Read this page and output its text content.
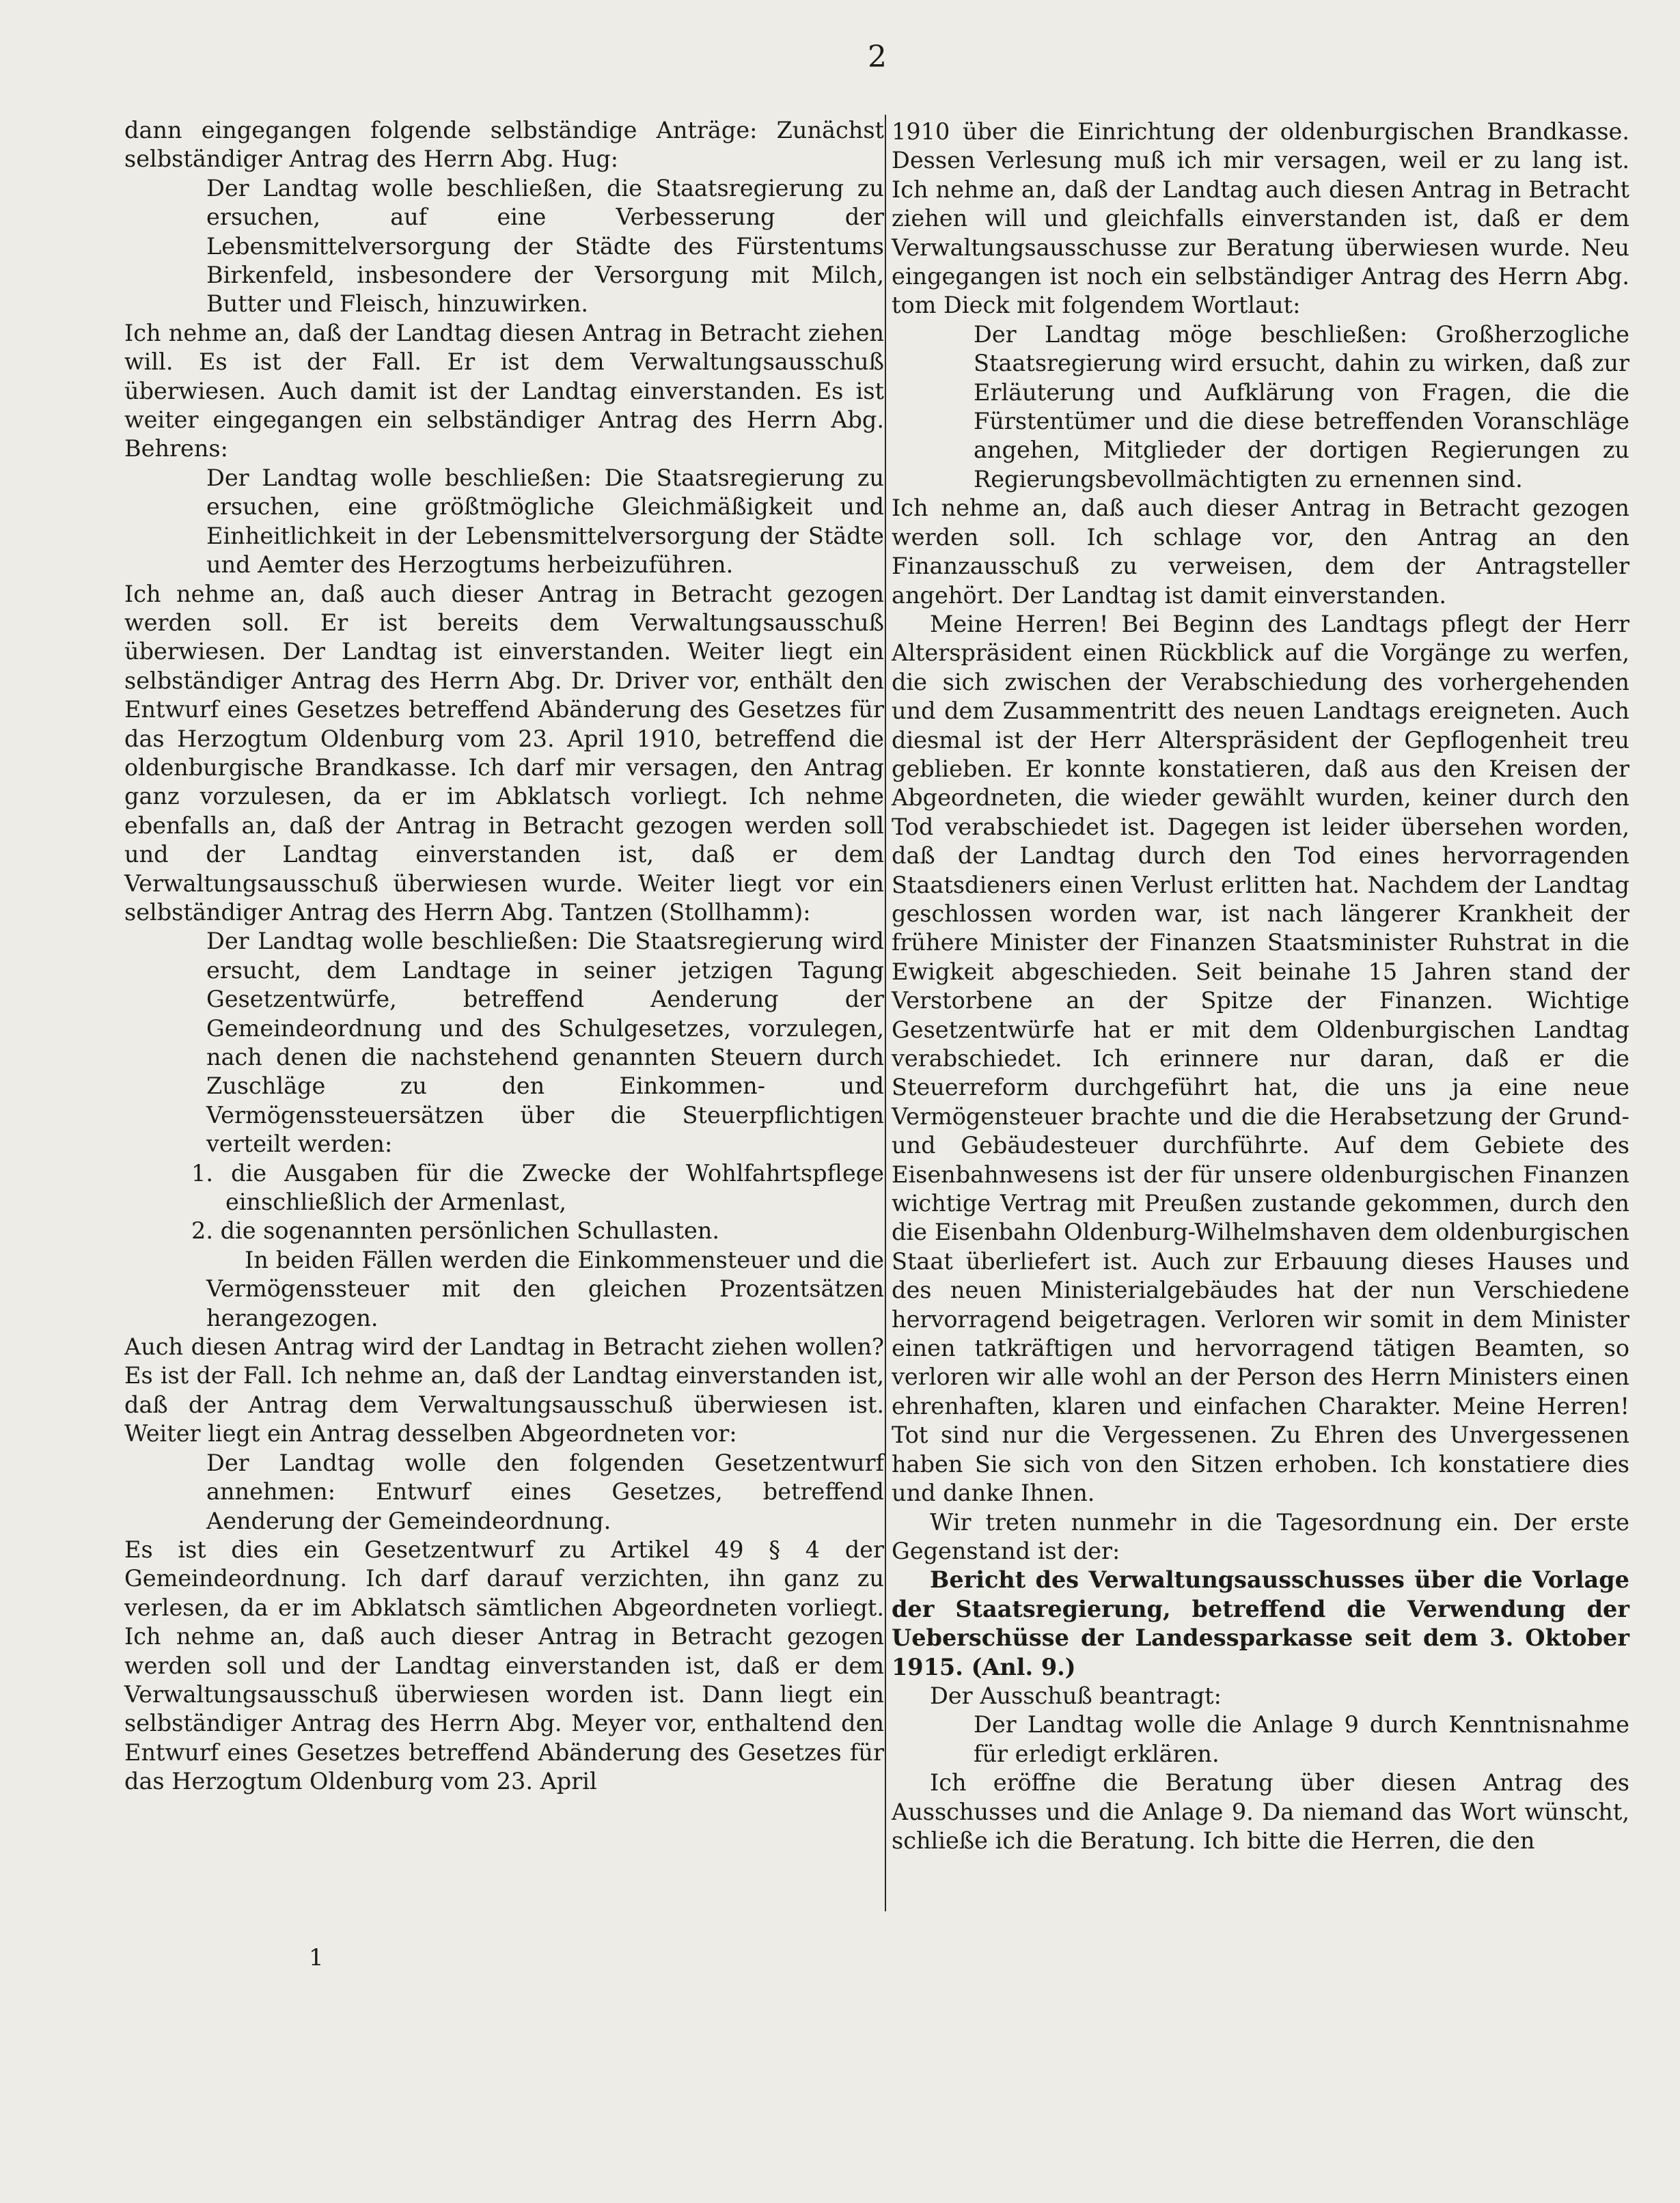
2

dann eingegangen folgende selbständige Anträge: Zunächst selbständiger Antrag des Herrn Abg. Hug:

Der Landtag wolle beschließen, die Staatsregierung zu ersuchen, auf eine Verbesserung der Lebensmittelversorgung der Städte des Fürstentums Birkenfeld, insbesondere der Versorgung mit Milch, Butter und Fleisch, hinzuwirken.

Ich nehme an, daß der Landtag diesen Antrag in Betracht ziehen will. Es ist der Fall. Er ist dem Verwaltungsausschuß überwiesen. Auch damit ist der Landtag einverstanden. Es ist weiter eingegangen ein selbständiger Antrag des Herrn Abg. Behrens:

Der Landtag wolle beschließen: Die Staatsregierung zu ersuchen, eine größtmögliche Gleichmäßigkeit und Einheitlichkeit in der Lebensmittelversorgung der Städte und Aemter des Herzogtums herbeizuführen.

Ich nehme an, daß auch dieser Antrag in Betracht gezogen werden soll. Er ist bereits dem Verwaltungsausschuß überwiesen. Der Landtag ist einverstanden. Weiter liegt ein selbständiger Antrag des Herrn Abg. Dr. Driver vor, enthält den Entwurf eines Gesetzes betreffend Abänderung des Gesetzes für das Herzogtum Oldenburg vom 23. April 1910, betreffend die oldenburgische Brandkasse. Ich darf mir versagen, den Antrag ganz vorzulesen, da er im Abklatsch vorliegt. Ich nehme ebenfalls an, daß der Antrag in Betracht gezogen werden soll und der Landtag einverstanden ist, daß er dem Verwaltungsausschuß überwiesen wurde. Weiter liegt vor ein selbständiger Antrag des Herrn Abg. Tantzen (Stollhamm):

Der Landtag wolle beschließen: Die Staatsregierung wird ersucht, dem Landtage in seiner jetzigen Tagung Gesetzentwürfe, betreffend Aenderung der Gemeindeordnung und des Schulgesetzes, vorzulegen, nach denen die nachstehend genannten Steuern durch Zuschläge zu den Einkommen- und Vermögenssteuersätzen über die Steuerpflichtigen verteilt werden:

1. die Ausgaben für die Zwecke der Wohlfahrtspflege einschließlich der Armenlast,

2. die sogenannten persönlichen Schullasten.

In beiden Fällen werden die Einkommensteuer und die Vermögenssteuer mit den gleichen Prozentsätzen herangezogen.

Auch diesen Antrag wird der Landtag in Betracht ziehen wollen? Es ist der Fall. Ich nehme an, daß der Landtag einverstanden ist, daß der Antrag dem Verwaltungsausschuß überwiesen ist. Weiter liegt ein Antrag desselben Abgeordneten vor:

Der Landtag wolle den folgenden Gesetzentwurf annehmen: Entwurf eines Gesetzes, betreffend Aenderung der Gemeindeordnung.

Es ist dies ein Gesetzentwurf zu Artikel 49 § 4 der Gemeindeordnung. Ich darf darauf verzichten, ihn ganz zu verlesen, da er im Abklatsch sämtlichen Abgeordneten vorliegt. Ich nehme an, daß auch dieser Antrag in Betracht gezogen werden soll und der Landtag einverstanden ist, daß er dem Verwaltungsausschuß überwiesen worden ist. Dann liegt ein selbständiger Antrag des Herrn Abg. Meyer vor, enthaltend den Entwurf eines Gesetzes betreffend Abänderung des Gesetzes für das Herzogtum Oldenburg vom 23. April

1910 über die Einrichtung der oldenburgischen Brandkasse. Dessen Verlesung muß ich mir versagen, weil er zu lang ist. Ich nehme an, daß der Landtag auch diesen Antrag in Betracht ziehen will und gleichfalls einverstanden ist, daß er dem Verwaltungsausschusse zur Beratung überwiesen wurde. Neu eingegangen ist noch ein selbständiger Antrag des Herrn Abg. tom Dieck mit folgendem Wortlaut:

Der Landtag möge beschließen: Großherzogliche Staatsregierung wird ersucht, dahin zu wirken, daß zur Erläuterung und Aufklärung von Fragen, die die Fürstentümer und die diese betreffenden Voranschläge angehen, Mitglieder der dortigen Regierungen zu Regierungsbevollmächtigten zu ernennen sind.

Ich nehme an, daß auch dieser Antrag in Betracht gezogen werden soll. Ich schlage vor, den Antrag an den Finanzausschuß zu verweisen, dem der Antragsteller angehört. Der Landtag ist damit einverstanden.

Meine Herren! Bei Beginn des Landtags pflegt der Herr Alterspräsident einen Rückblick auf die Vorgänge zu werfen, die sich zwischen der Verabschiedung des vorhergehenden und dem Zusammentritt des neuen Landtags ereigneten. Auch diesmal ist der Herr Alterspräsident der Gepflogenheit treu geblieben. Er konnte konstatieren, daß aus den Kreisen der Abgeordneten, die wieder gewählt wurden, keiner durch den Tod verabschiedet ist. Dagegen ist leider übersehen worden, daß der Landtag durch den Tod eines hervorragenden Staatsdieners einen Verlust erlitten hat. Nachdem der Landtag geschlossen worden war, ist nach längerer Krankheit der frühere Minister der Finanzen Staatsminister Ruhstrat in die Ewigkeit abgeschieden. Seit beinahe 15 Jahren stand der Verstorbene an der Spitze der Finanzen. Wichtige Gesetzentwürfe hat er mit dem Oldenburgischen Landtag verabschiedet. Ich erinnere nur daran, daß er die Steuerreform durchgeführt hat, die uns ja eine neue Vermögensteuer brachte und die die Herabsetzung der Grund- und Gebäudesteuer durchführte. Auf dem Gebiete des Eisenbahnwesens ist der für unsere oldenburgischen Finanzen wichtige Vertrag mit Preußen zustande gekommen, durch den die Eisenbahn Oldenburg-Wilhelmshaven dem oldenburgischen Staat überliefert ist. Auch zur Erbauung dieses Hauses und des neuen Ministerialgebäudes hat der nun Verschiedene hervorragend beigetragen. Verloren wir somit in dem Minister einen tatkräftigen und hervorragend tätigen Beamten, so verloren wir alle wohl an der Person des Herrn Ministers einen ehrenhaften, klaren und einfachen Charakter. Meine Herren! Tot sind nur die Vergessenen. Zu Ehren des Unvergessenen haben Sie sich von den Sitzen erhoben. Ich konstatiere dies und danke Ihnen.

Wir treten nunmehr in die Tagesordnung ein. Der erste Gegenstand ist der:

Bericht des Verwaltungsausschusses über die Vorlage der Staatsregierung, betreffend die Verwendung der Ueberschüsse der Landessparkasse seit dem 3. Oktober 1915. (Anl. 9.)

Der Ausschuß beantragt:

Der Landtag wolle die Anlage 9 durch Kenntnisnahme für erledigt erklären.

Ich eröffne die Beratung über diesen Antrag des Ausschusses und die Anlage 9. Da niemand das Wort wünscht, schließe ich die Beratung. Ich bitte die Herren, die den

1
